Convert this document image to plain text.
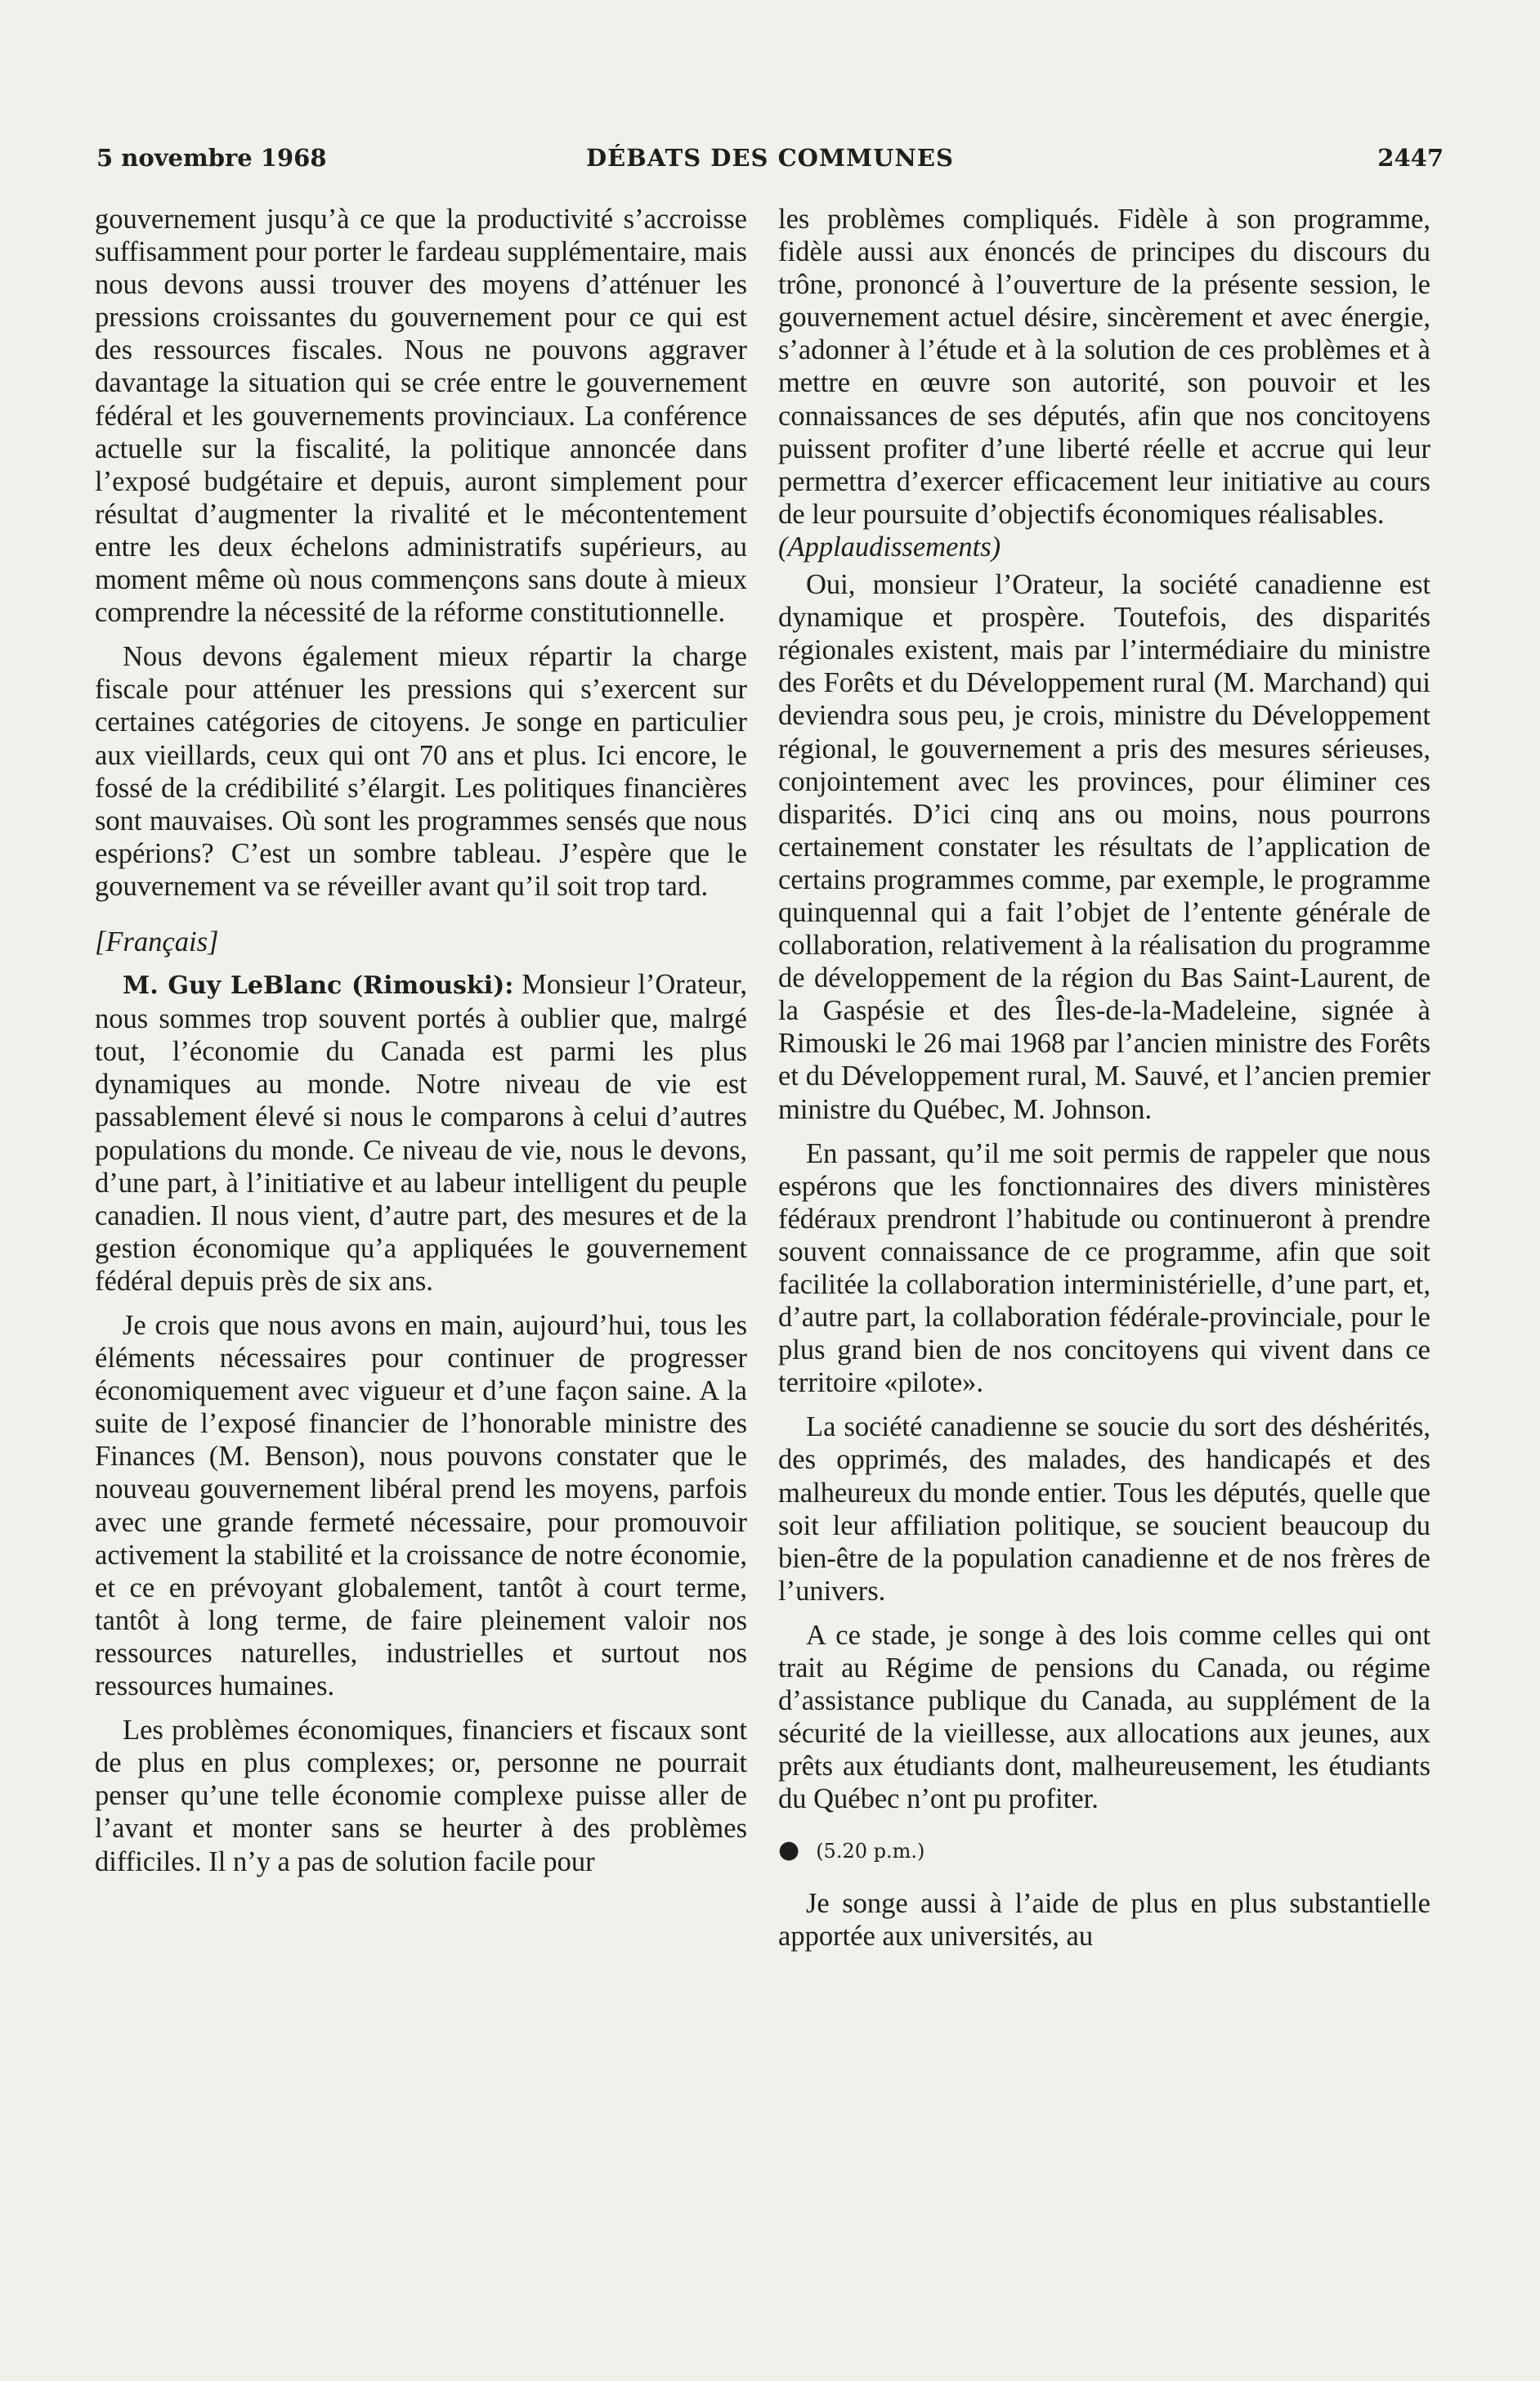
5 novembre 1968	DÉBATS DES COMMUNES	2447

gouvernement jusqu’à ce que la productivité s’accroisse suffisamment pour porter le fardeau supplémentaire, mais nous devons aussi trouver des moyens d’atténuer les pressions croissantes du gouvernement pour ce qui est des ressources fiscales. Nous ne pouvons aggraver davantage la situation qui se crée entre le gouvernement fédéral et les gouvernements provinciaux. La conférence actuelle sur la fiscalité, la politique annoncée dans l’exposé budgétaire et depuis, auront simplement pour résultat d’augmenter la rivalité et le mécontentement entre les deux échelons administratifs supérieurs, au moment même où nous commençons sans doute à mieux comprendre la nécessité de la réforme constitutionnelle.

Nous devons également mieux répartir la charge fiscale pour atténuer les pressions qui s’exercent sur certaines catégories de citoyens. Je songe en particulier aux vieillards, ceux qui ont 70 ans et plus. Ici encore, le fossé de la crédibilité s’élargit. Les politiques financières sont mauvaises. Où sont les programmes sensés que nous espérions? C’est un sombre tableau. J’espère que le gouvernement va se réveiller avant qu’il soit trop tard.

[Français]

M. Guy LeBlanc (Rimouski): Monsieur l’Orateur, nous sommes trop souvent portés à oublier que, malrgé tout, l’économie du Canada est parmi les plus dynamiques au monde. Notre niveau de vie est passablement élevé si nous le comparons à celui d’autres populations du monde. Ce niveau de vie, nous le devons, d’une part, à l’initiative et au labeur intelligent du peuple canadien. Il nous vient, d’autre part, des mesures et de la gestion économique qu’a appliquées le gouvernement fédéral depuis près de six ans.

Je crois que nous avons en main, aujourd’hui, tous les éléments nécessaires pour continuer de progresser économiquement avec vigueur et d’une façon saine. A la suite de l’exposé financier de l’honorable ministre des Finances (M. Benson), nous pouvons constater que le nouveau gouvernement libéral prend les moyens, parfois avec une grande fermeté nécessaire, pour promouvoir activement la stabilité et la croissance de notre économie, et ce en prévoyant globalement, tantôt à court terme, tantôt à long terme, de faire pleinement valoir nos ressources naturelles, industrielles et surtout nos ressources humaines.

Les problèmes économiques, financiers et fiscaux sont de plus en plus complexes; or, personne ne pourrait penser qu’une telle économie complexe puisse aller de l’avant et monter sans se heurter à des problèmes difficiles. Il n’y a pas de solution facile pour

les problèmes compliqués. Fidèle à son programme, fidèle aussi aux énoncés de principes du discours du trône, prononcé à l’ouverture de la présente session, le gouvernement actuel désire, sincèrement et avec énergie, s’adonner à l’étude et à la solution de ces problèmes et à mettre en œuvre son autorité, son pouvoir et les connaissances de ses députés, afin que nos concitoyens puissent profiter d’une liberté réelle et accrue qui leur permettra d’exercer efficacement leur initiative au cours de leur poursuite d’objectifs économiques réalisables.

(Applaudissements)

Oui, monsieur l’Orateur, la société canadienne est dynamique et prospère. Toutefois, des disparités régionales existent, mais par l’intermédiaire du ministre des Forêts et du Développement rural (M. Marchand) qui deviendra sous peu, je crois, ministre du Développement régional, le gouvernement a pris des mesures sérieuses, conjointement avec les provinces, pour éliminer ces disparités. D’ici cinq ans ou moins, nous pourrons certainement constater les résultats de l’application de certains programmes comme, par exemple, le programme quinquennal qui a fait l’objet de l’entente générale de collaboration, relativement à la réalisation du programme de développement de la région du Bas Saint-Laurent, de la Gaspésie et des Îles-de-la-Madeleine, signée à Rimouski le 26 mai 1968 par l’ancien ministre des Forêts et du Développement rural, M. Sauvé, et l’ancien premier ministre du Québec, M. Johnson.

En passant, qu’il me soit permis de rappeler que nous espérons que les fonctionnaires des divers ministères fédéraux prendront l’habitude ou continueront à prendre souvent connaissance de ce programme, afin que soit facilitée la collaboration interministérielle, d’une part, et, d’autre part, la collaboration fédérale-provinciale, pour le plus grand bien de nos concitoyens qui vivent dans ce territoire «pilote».

La société canadienne se soucie du sort des déshérités, des opprimés, des malades, des handicapés et des malheureux du monde entier. Tous les députés, quelle que soit leur affiliation politique, se soucient beaucoup du bien-être de la population canadienne et de nos frères de l’univers.

A ce stade, je songe à des lois comme celles qui ont trait au Régime de pensions du Canada, ou régime d’assistance publique du Canada, au supplément de la sécurité de la vieillesse, aux allocations aux jeunes, aux prêts aux étudiants dont, malheureusement, les étudiants du Québec n’ont pu profiter.

● (5.20 p.m.)

Je songe aussi à l’aide de plus en plus substantielle apportée aux universités, au
